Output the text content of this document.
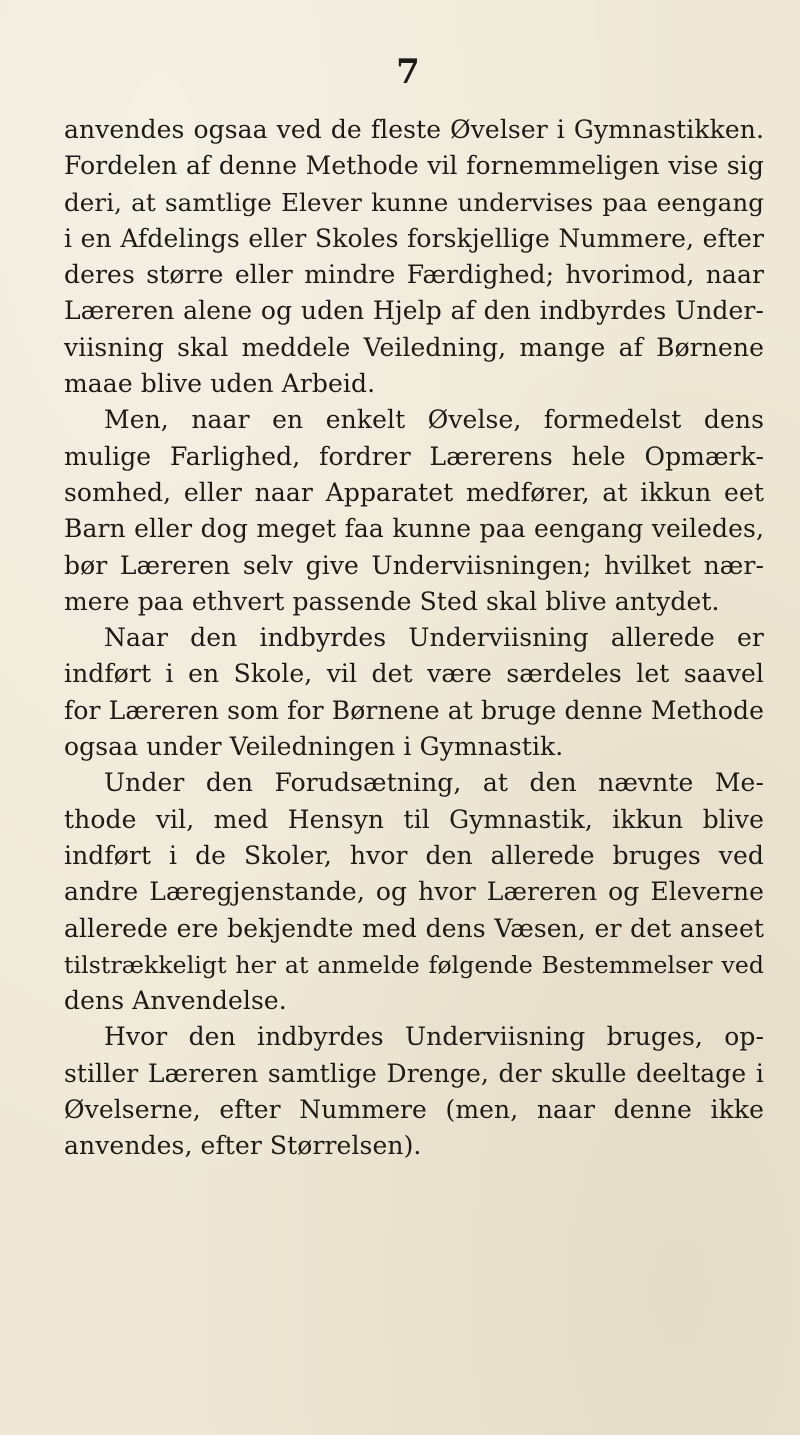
7
anvendes ogsaa ved de fleste Øvelser i Gymnastikken.
Fordelen af denne Methode vil fornemmeligen vise sig
deri, at samtlige Elever kunne undervises paa eengang
i en Afdelings eller Skoles forskjellige Nummere, efter
deres større eller mindre Færdighed; hvorimod, naar
Læreren alene og uden Hjelp af den indbyrdes Under-
viisning skal meddele Veiledning, mange af Børnene
maae blive uden Arbeid.
Men, naar en enkelt Øvelse, formedelst dens
mulige Farlighed, fordrer Lærerens hele Opmærk-
somhed, eller naar Apparatet medfører, at ikkun eet
Barn eller dog meget faa kunne paa eengang veiledes,
bør Læreren selv give Underviisningen; hvilket nær-
mere paa ethvert passende Sted skal blive antydet.
Naar den indbyrdes Underviisning allerede er
indført i en Skole, vil det være særdeles let saavel
for Læreren som for Børnene at bruge denne Methode
ogsaa under Veiledningen i Gymnastik.
Under den Forudsætning, at den nævnte Me-
thode vil, med Hensyn til Gymnastik, ikkun blive
indført i de Skoler, hvor den allerede bruges ved
andre Læregjenstande, og hvor Læreren og Eleverne
allerede ere bekjendte med dens Væsen, er det anseet
tilstrækkeligt her at anmelde følgende Bestemmelser ved
dens Anvendelse.
Hvor den indbyrdes Underviisning bruges, op-
stiller Læreren samtlige Drenge, der skulle deeltage i
Øvelserne, efter Nummere (men, naar denne ikke
anvendes, efter Størrelsen).
